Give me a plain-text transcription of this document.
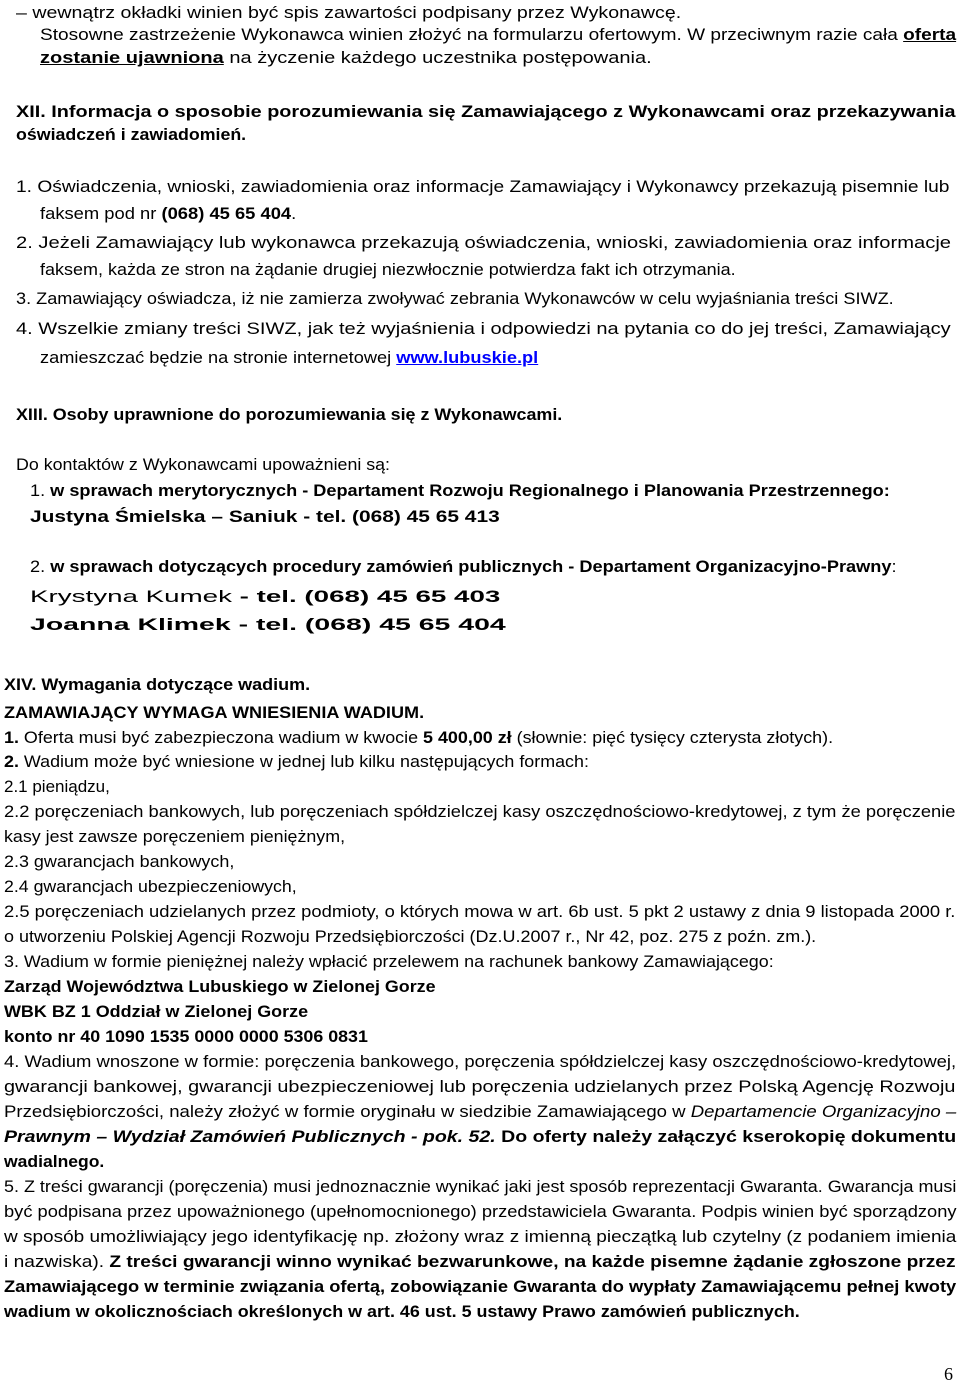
– wewnątrz okładki winien być spis zawartości podpisany przez Wykonawcę.
Stosowne zastrzeżenie Wykonawca winien złożyć na formularzu ofertowym. W przeciwnym razie cała oferta
zostanie ujawniona na życzenie każdego uczestnika postępowania.
XII. Informacja o sposobie porozumiewania się Zamawiającego z Wykonawcami oraz przekazywania
oświadczeń i zawiadomień.
1. Oświadczenia, wnioski, zawiadomienia oraz informacje Zamawiający i Wykonawcy przekazują pisemnie lub
faksem pod nr (068) 45 65 404.
2. Jeżeli Zamawiający lub wykonawca przekazują oświadczenia, wnioski, zawiadomienia oraz informacje
faksem, każda ze stron na żądanie drugiej niezwłocznie potwierdza fakt ich otrzymania.
3. Zamawiający oświadcza, iż nie zamierza zwoływać zebrania Wykonawców w celu wyjaśniania treści SIWZ.
4. Wszelkie zmiany treści SIWZ, jak też wyjaśnienia i odpowiedzi na pytania co do jej treści, Zamawiający
zamieszczać będzie na stronie internetowej www.lubuskie.pl
XIII. Osoby uprawnione do porozumiewania się z Wykonawcami.
Do kontaktów z Wykonawcami upoważnieni są:
1. w sprawach merytorycznych - Departament Rozwoju Regionalnego i Planowania Przestrzennego:
Justyna Śmielska – Saniuk - tel. (068) 45 65 413
2. w sprawach dotyczących procedury zamówień publicznych - Departament Organizacyjno-Prawny:
Krystyna Kumek - tel. (068) 45 65 403
Joanna Klimek - tel. (068) 45 65 404
XIV. Wymagania dotyczące wadium.
ZAMAWIAJĄCY WYMAGA WNIESIENIA WADIUM.
1. Oferta musi być zabezpieczona wadium w kwocie 5 400,00 zł (słownie: pięć tysięcy czterysta złotych).
2. Wadium może być wniesione w jednej lub kilku następujących formach:
2.1 pieniądzu,
2.2 poręczeniach bankowych, lub poręczeniach spółdzielczej kasy oszczędnościowo-kredytowej, z tym że poręczenie
kasy jest zawsze poręczeniem pieniężnym,
2.3 gwarancjach bankowych,
2.4 gwarancjach ubezpieczeniowych,
2.5 poręczeniach udzielanych przez podmioty, o których mowa w art. 6b ust. 5 pkt 2 ustawy z dnia 9 listopada 2000 r.
o utworzeniu Polskiej Agencji Rozwoju Przedsiębiorczości (Dz.U.2007 r., Nr 42, poz. 275 z poźn. zm.).
3. Wadium w formie pieniężnej należy wpłacić przelewem na rachunek bankowy Zamawiającego:
Zarząd Województwa Lubuskiego w Zielonej Gorze
WBK BZ 1 Oddział w Zielonej Gorze
konto nr 40 1090 1535 0000 0000 5306 0831
4. Wadium wnoszone w formie: poręczenia bankowego, poręczenia spółdzielczej kasy oszczędnościowo-kredytowej,
gwarancji bankowej, gwarancji ubezpieczeniowej lub poręczenia udzielanych przez Polską Agencję Rozwoju
Przedsiębiorczości, należy złożyć w formie oryginału w siedzibie Zamawiającego w Departamencie Organizacyjno –
Prawnym – Wydział Zamówień Publicznych - pok. 52. Do oferty należy załączyć kserokopię dokumentu
wadialnego.
5. Z treści gwarancji (poręczenia) musi jednoznacznie wynikać jaki jest sposób reprezentacji Gwaranta. Gwarancja musi
być podpisana przez upoważnionego (upełnomocnionego) przedstawiciela Gwaranta. Podpis winien być sporządzony
w sposób umożliwiający jego identyfikację np. złożony wraz z imienną pieczątką lub czytelny (z podaniem imienia
i nazwiska). Z treści gwarancji winno wynikać bezwarunkowe, na każde pisemne żądanie zgłoszone przez
Zamawiającego w terminie związania ofertą, zobowiązanie Gwaranta do wypłaty Zamawiającemu pełnej kwoty
wadium w okolicznościach określonych w art. 46 ust. 5 ustawy Prawo zamówień publicznych.
6
